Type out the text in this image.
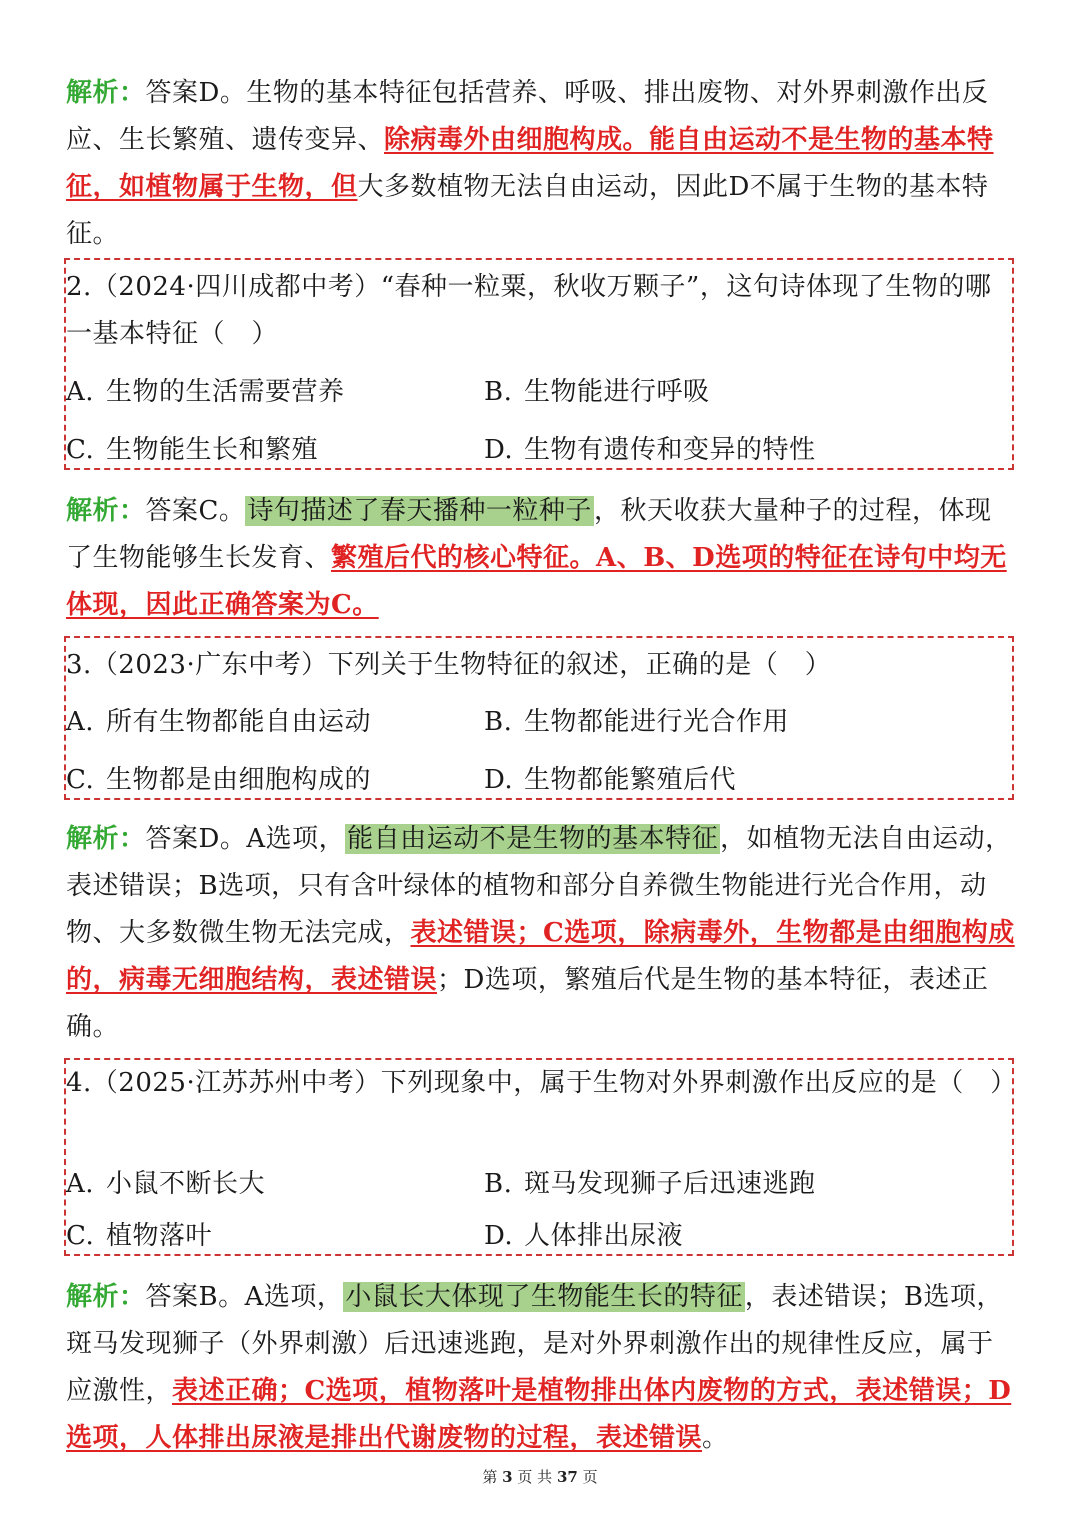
解析：答案D。生物的基本特征包括营养、呼吸、排出废物、对外界刺激作出反应、生长繁殖、遗传变异、除病毒外由细胞构成。能自由运动不是生物的基本特征，如植物属于生物，但大多数植物无法自由运动，因此D不属于生物的基本特征。

2.（2024·四川成都中考）“春种一粒粟，秋收万颗子”，这句诗体现了生物的哪一基本特征（　）

A. 生物的生活需要营养	B. 生物能进行呼吸
C. 生物能生长和繁殖	D. 生物有遗传和变异的特性

解析：答案C。诗句描述了春天播种一粒种子，秋天收获大量种子的过程，体现了生物能够生长发育、繁殖后代的核心特征。A、B、D选项的特征在诗句中均无体现，因此正确答案为C。

3.（2023·广东中考）下列关于生物特征的叙述，正确的是（　）

A. 所有生物都能自由运动	B. 生物都能进行光合作用
C. 生物都是由细胞构成的	D. 生物都能繁殖后代

解析：答案D。A选项，能自由运动不是生物的基本特征，如植物无法自由运动，表述错误；B选项，只有含叶绿体的植物和部分自养微生物能进行光合作用，动物、大多数微生物无法完成，表述错误；C选项，除病毒外，生物都是由细胞构成的，病毒无细胞结构，表述错误；D选项，繁殖后代是生物的基本特征，表述正确。

4.（2025·江苏苏州中考）下列现象中，属于生物对外界刺激作出反应的是（　）

A. 小鼠不断长大	B. 斑马发现狮子后迅速逃跑
C. 植物落叶	D. 人体排出尿液

解析：答案B。A选项，小鼠长大体现了生物能生长的特征，表述错误；B选项，斑马发现狮子（外界刺激）后迅速逃跑，是对外界刺激作出的规律性反应，属于应激性，表述正确；C选项，植物落叶是植物排出体内废物的方式，表述错误；D选项，人体排出尿液是排出代谢废物的过程，表述错误。

第 3 页 共 37 页
